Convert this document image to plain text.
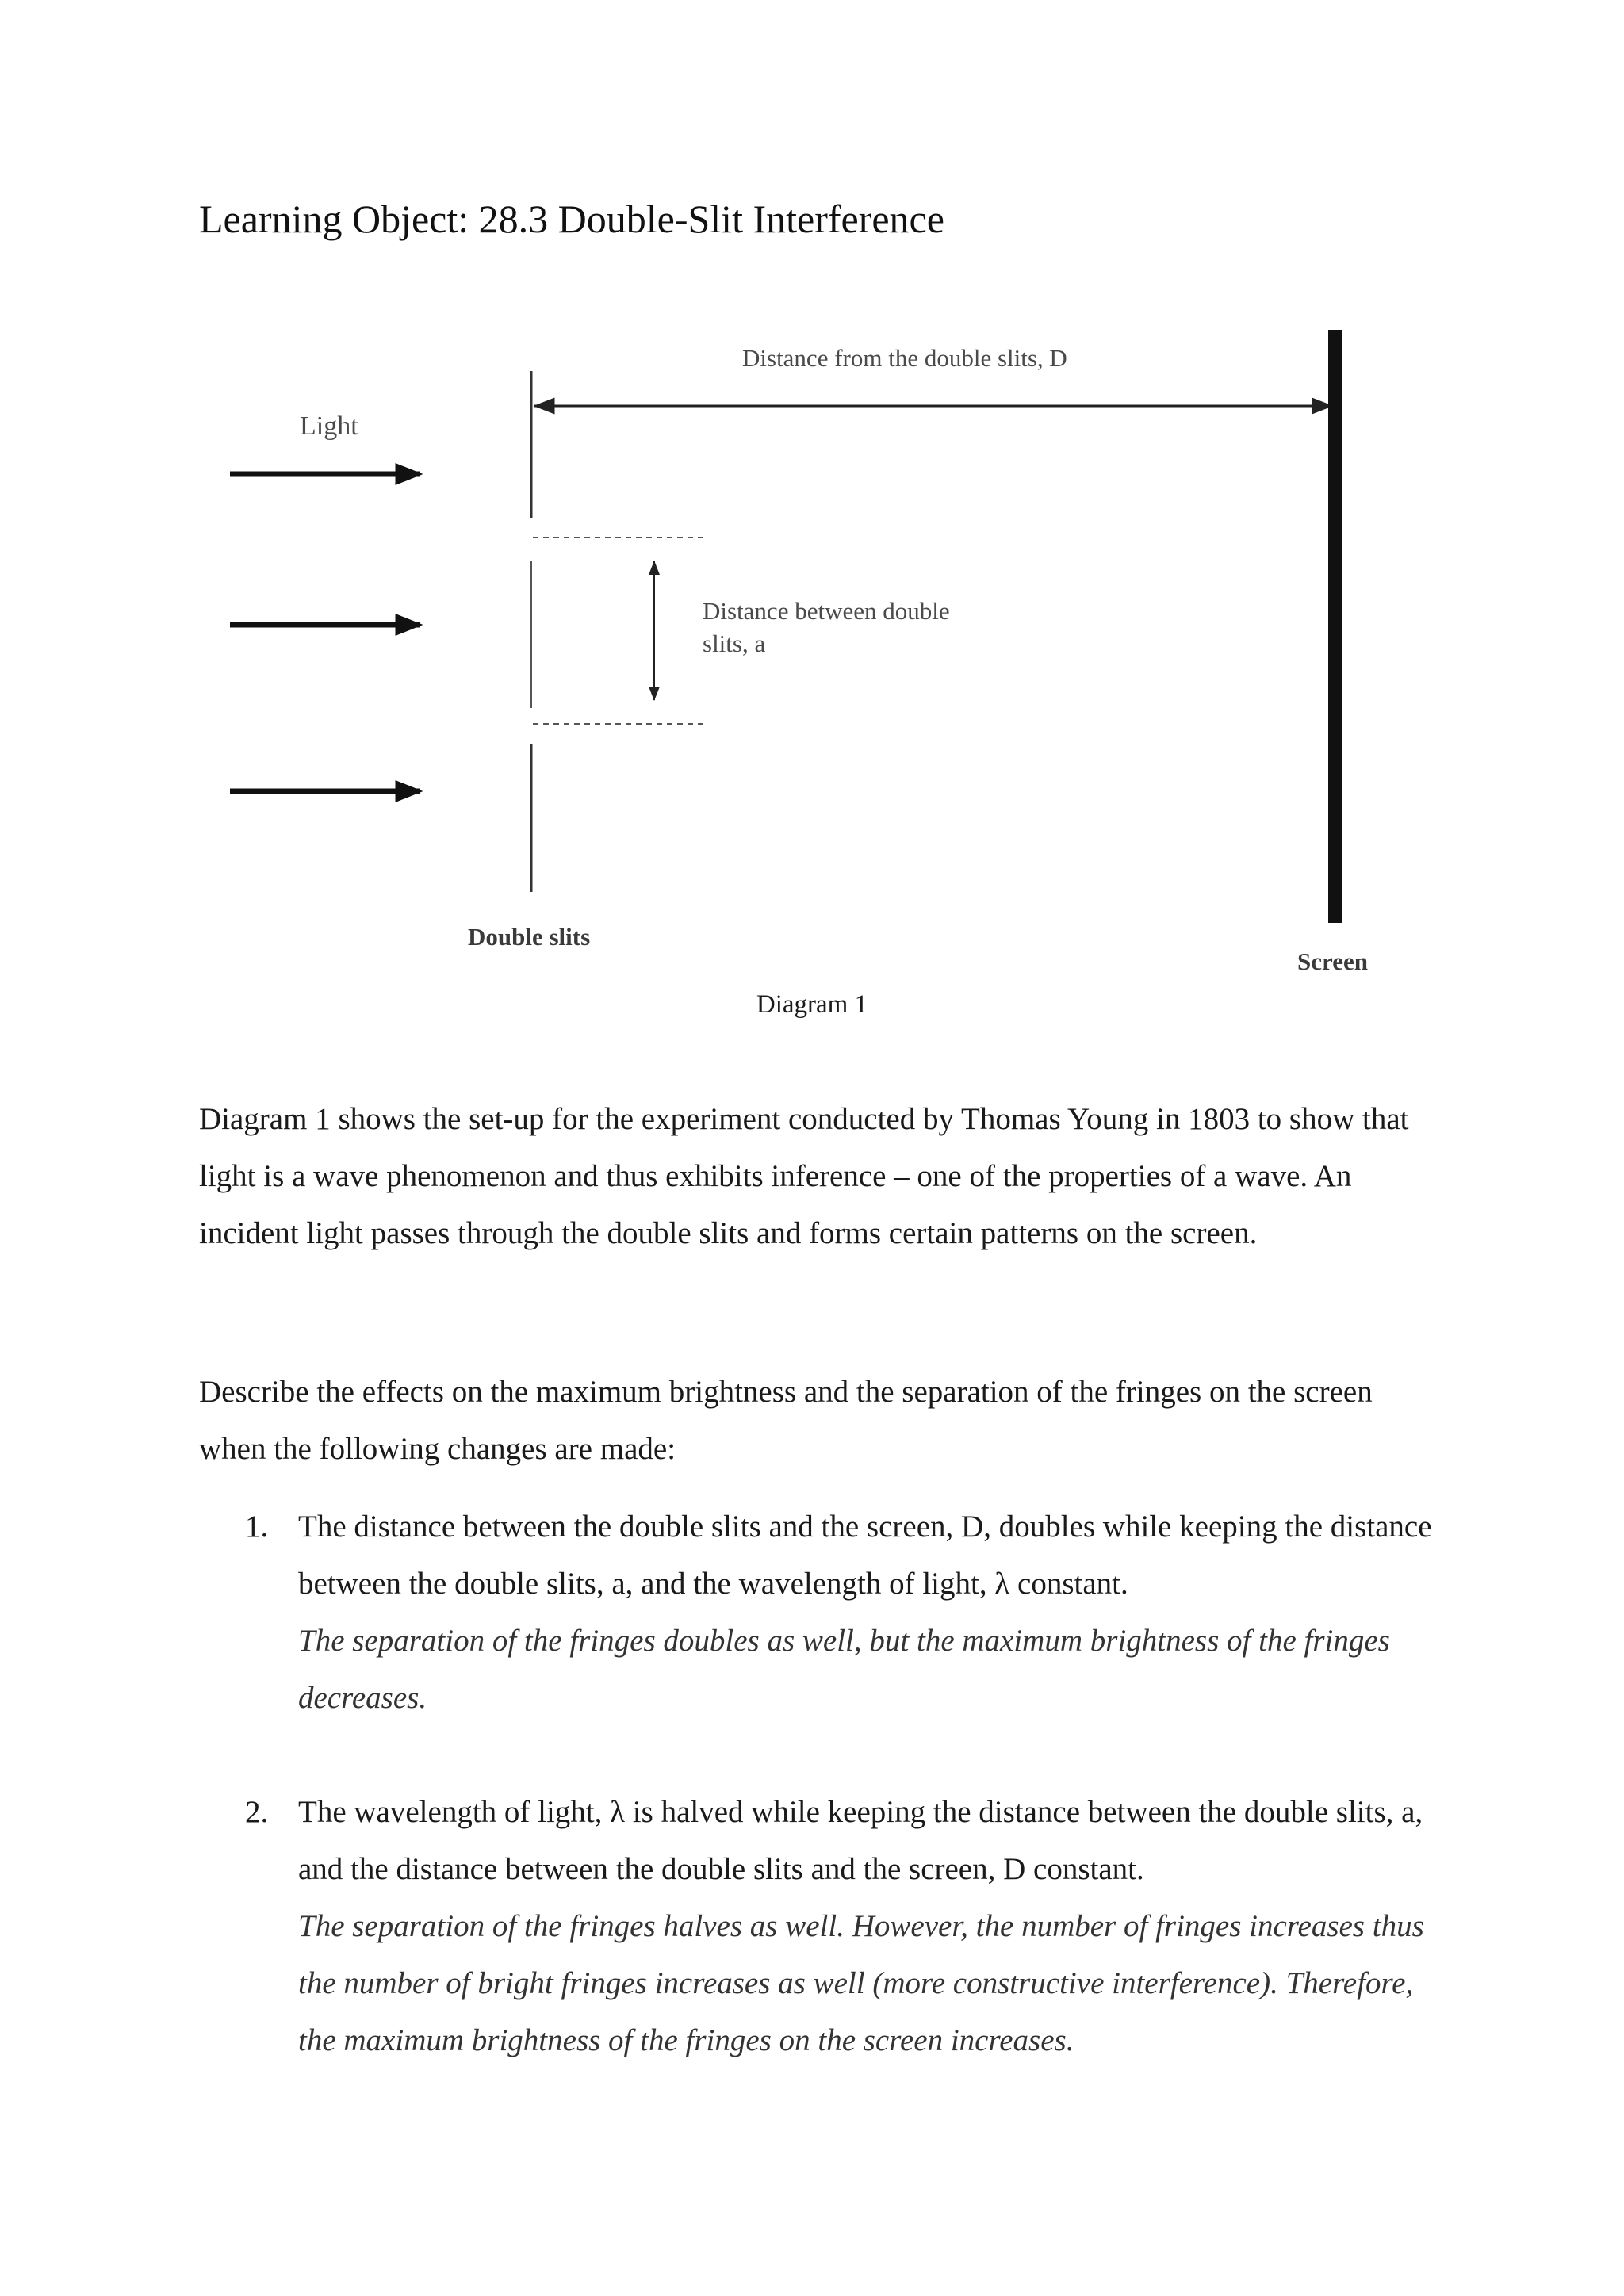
Learning Object: 28.3 Double-Slit Interference
Light
Distance between double
slits, a
Distance from the double slits, D
Double slits
Screen
Diagram 1

Diagram 1 shows the set-up for the experiment conducted by Thomas Young in 1803 to show that light is a wave phenomenon and thus exhibits inference – one of the properties of a wave. An incident light passes through the double slits and forms certain patterns on the screen.

Describe the effects on the maximum brightness and the separation of the fringes on the screen when the following changes are made:

1. The distance between the double slits and the screen, D, doubles while keeping the distance between the double slits, a, and the wavelength of light, λ constant.
The separation of the fringes doubles as well, but the maximum brightness of the fringes decreases.
2. The wavelength of light, λ is halved while keeping the distance between the double slits, a, and the distance between the double slits and the screen, D constant.
The separation of the fringes halves as well. However, the number of fringes increases thus the number of bright fringes increases as well (more constructive interference). Therefore, the maximum brightness of the fringes on the screen increases.
